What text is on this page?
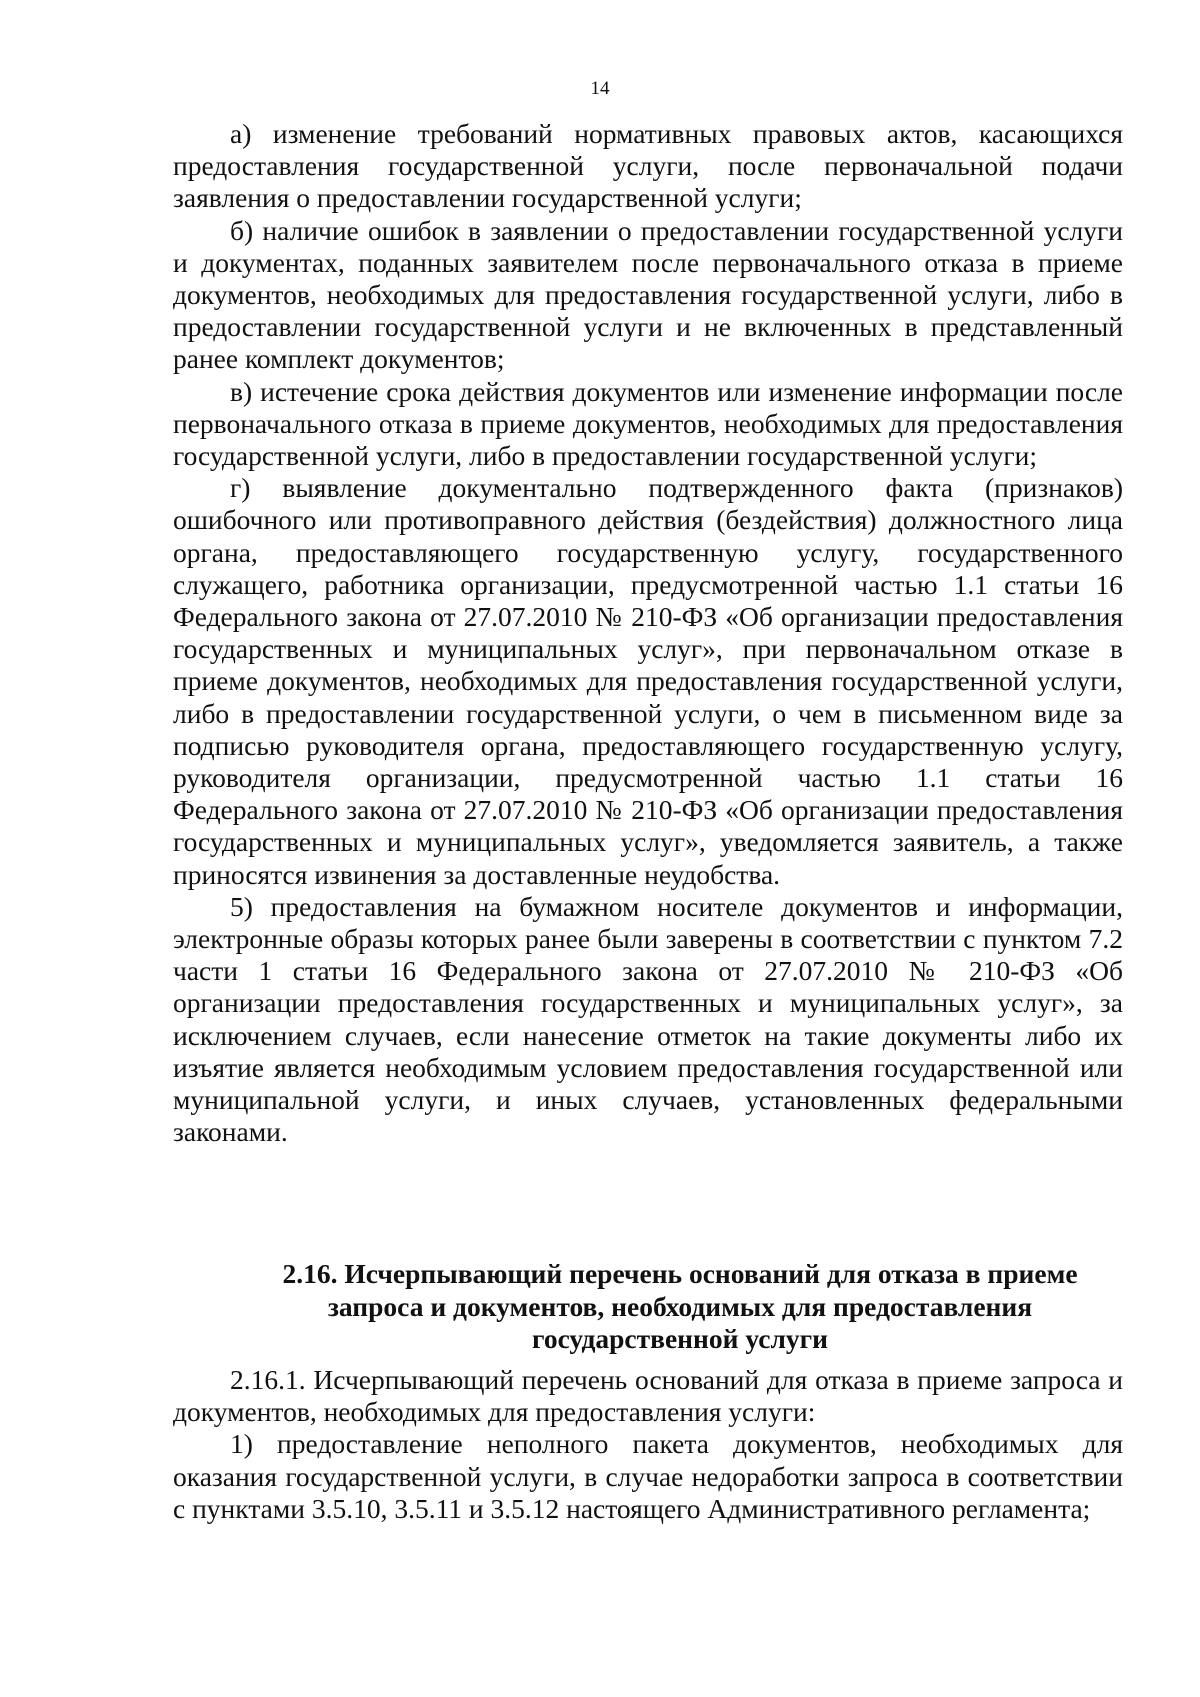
14

а) изменение требований нормативных правовых актов, касающихся предоставления государственной услуги, после первоначальной подачи заявления о предоставлении государственной услуги;

б) наличие ошибок в заявлении о предоставлении государственной услуги и документах, поданных заявителем после первоначального отказа в приеме документов, необходимых для предоставления государственной услуги, либо в предоставлении государственной услуги и не включенных в представленный ранее комплект документов;

в) истечение срока действия документов или изменение информации после первоначального отказа в приеме документов, необходимых для предоставления государственной услуги, либо в предоставлении государственной услуги;

г) выявление документально подтвержденного факта (признаков) ошибочного или противоправного действия (бездействия) должностного лица органа, предоставляющего государственную услугу, государственного служащего, работника организации, предусмотренной частью 1.1 статьи 16 Федерального закона от 27.07.2010 № 210-ФЗ «Об организации предоставления государственных и муниципальных услуг», при первоначальном отказе в приеме документов, необходимых для предоставления государственной услуги, либо в предоставлении государственной услуги, о чем в письменном виде за подписью руководителя органа, предоставляющего государственную услугу, руководителя организации, предусмотренной частью 1.1 статьи 16 Федерального закона от 27.07.2010 № 210-ФЗ «Об организации предоставления государственных и муниципальных услуг», уведомляется заявитель, а также приносятся извинения за доставленные неудобства.

5) предоставления на бумажном носителе документов и информации, электронные образы которых ранее были заверены в соответствии с пунктом 7.2 части 1 статьи 16 Федерального закона от 27.07.2010 № 210-ФЗ «Об организации предоставления государственных и муниципальных услуг», за исключением случаев, если нанесение отметок на такие документы либо их изъятие является необходимым условием предоставления государственной или муниципальной услуги, и иных случаев, установленных федеральными законами.

2.16. Исчерпывающий перечень оснований для отказа в приеме
запроса и документов, необходимых для предоставления
государственной услуги

2.16.1. Исчерпывающий перечень оснований для отказа в приеме запроса и документов, необходимых для предоставления услуги:

1) предоставление неполного пакета документов, необходимых для оказания государственной услуги, в случае недоработки запроса в соответствии с пунктами 3.5.10, 3.5.11 и 3.5.12 настоящего Административного регламента;
